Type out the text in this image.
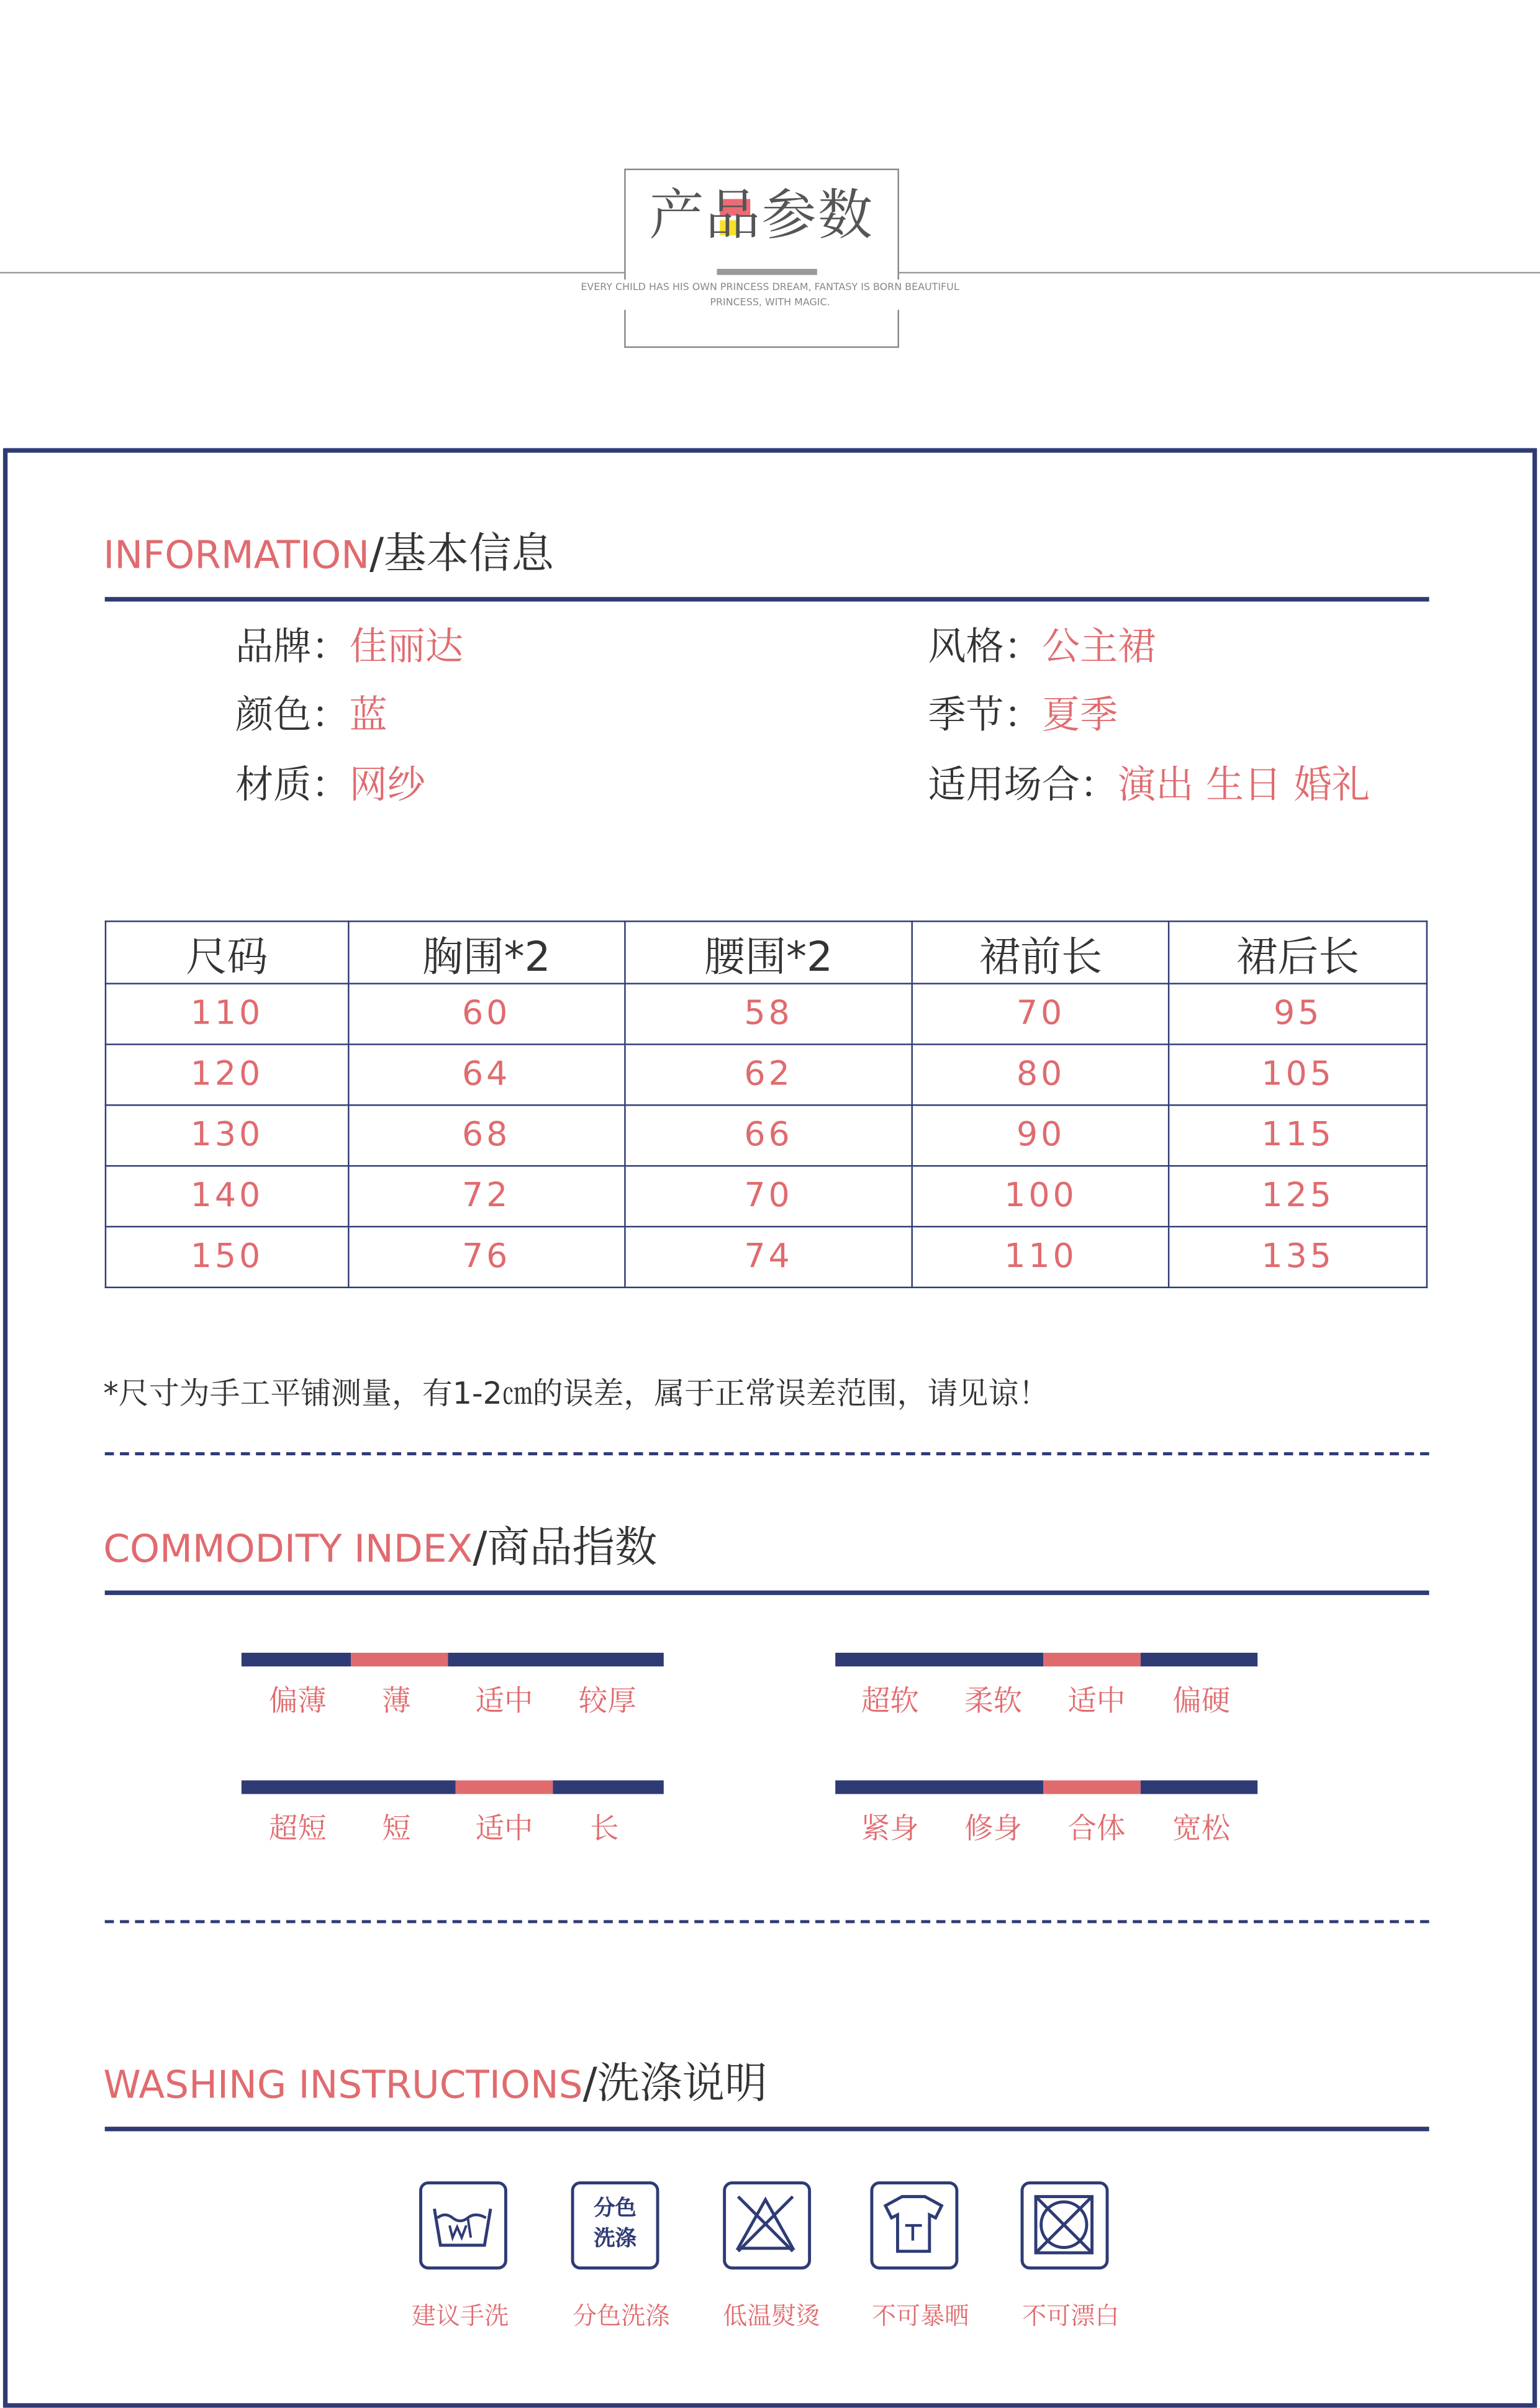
产品参数
EVERY CHILD HAS HIS OWN PRINCESS DREAM, FANTASY IS BORN BEAUTIFUL
PRINCESS, WITH MAGIC.
INFORMATION/基本信息
品牌：佳丽达
颜色：蓝
材质：网纱
风格：公主裙
季节：夏季
适用场合：演出 生日 婚礼
尺码	胸围*2	腰围*2	裙前长	裙后长
110	60	58	70	95
120	64	62	80	105
130	68	66	90	115
140	72	70	100	125
150	76	74	110	135
*尺寸为手工平铺测量，有1-2㎝的误差，属于正常误差范围，请见谅！
COMMODITY INDEX/商品指数
偏薄	薄	适中	较厚	超软	柔软	适中	偏硬
超短	短	适中	长	紧身	修身	合体	宽松
WASHING INSTRUCTIONS/洗涤说明
建议手洗
分色
洗涤
分色洗涤	低温熨烫	不可暴晒	不可漂白
